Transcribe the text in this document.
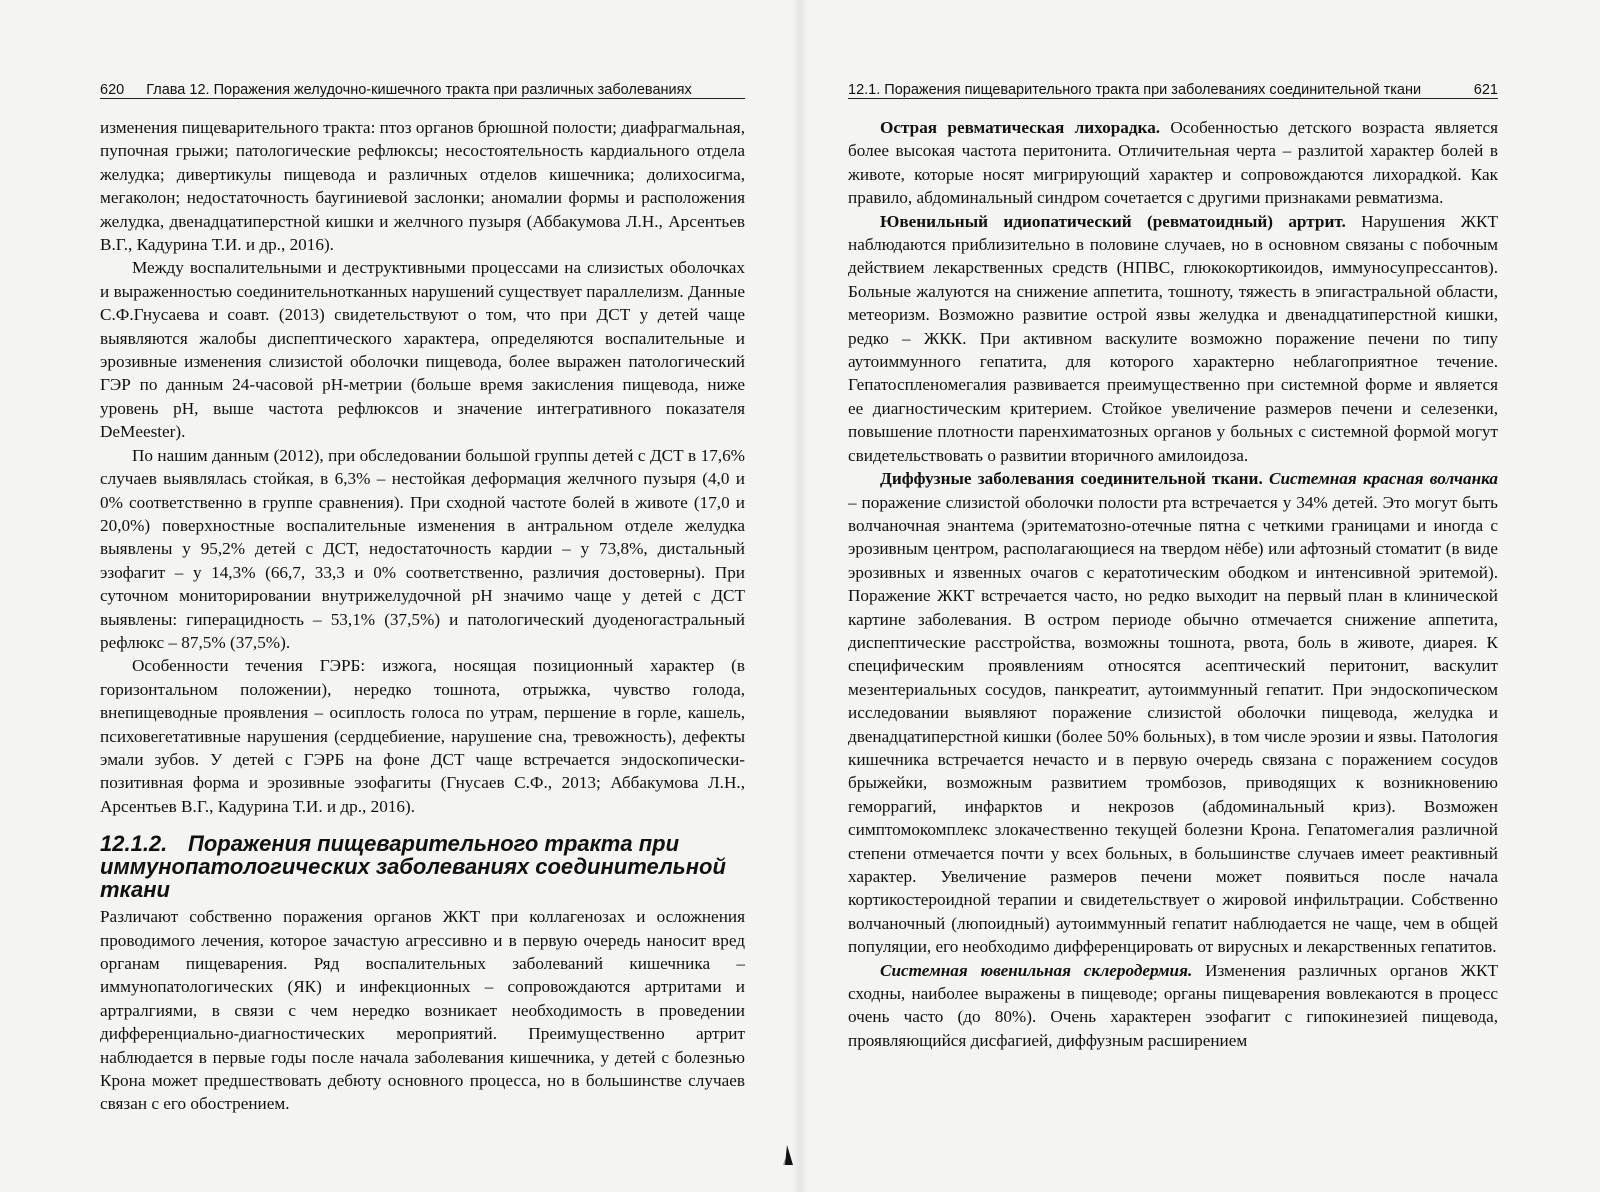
620 Глава 12. Поражения желудочно-кишечного тракта при различных заболеваниях

изменения пищеварительного тракта: птоз органов брюшной полости; диафрагмальная, пупочная грыжи; патологические рефлюксы; несостоятельность кардиального отдела желудка; дивертикулы пищевода и различных отделов кишечника; долихосигма, мегаколон; недостаточность баугиниевой заслонки; аномалии формы и расположения желудка, двенадцатиперстной кишки и желчного пузыря (Аббакумова Л.Н., Арсентьев В.Г., Кадурина Т.И. и др., 2016).

Между воспалительными и деструктивными процессами на слизистых оболочках и выраженностью соединительнотканных нарушений существует параллелизм. Данные С.Ф.Гнусаева и соавт. (2013) свидетельствуют о том, что при ДСТ у детей чаще выявляются жалобы диспептического характера, определяются воспалительные и эрозивные изменения слизистой оболочки пищевода, более выражен патологический ГЭР по данным 24-часовой рН-метрии (больше время закисления пищевода, ниже уровень рН, выше частота рефлюксов и значение интегративного показателя DeMeester).

По нашим данным (2012), при обследовании большой группы детей с ДСТ в 17,6% случаев выявлялась стойкая, в 6,3% – нестойкая деформация желчного пузыря (4,0 и 0% соответственно в группе сравнения). При сходной частоте болей в животе (17,0 и 20,0%) поверхностные воспалительные изменения в антральном отделе желудка выявлены у 95,2% детей с ДСТ, недостаточность кардии – у 73,8%, дистальный эзофагит – у 14,3% (66,7, 33,3 и 0% соответственно, различия достоверны). При суточном мониторировании внутрижелудочной рН значимо чаще у детей с ДСТ выявлены: гиперацидность – 53,1% (37,5%) и патологический дуоденогастральный рефлюкс – 87,5% (37,5%).

Особенности течения ГЭРБ: изжога, носящая позиционный характер (в горизонтальном положении), нередко тошнота, отрыжка, чувство голода, внепищеводные проявления – осиплость голоса по утрам, першение в горле, кашель, психовегетативные нарушения (сердцебиение, нарушение сна, тревожность), дефекты эмали зубов. У детей с ГЭРБ на фоне ДСТ чаще встречается эндоскопически-позитивная форма и эрозивные эзофагиты (Гнусаев С.Ф., 2013; Аббакумова Л.Н., Арсентьев В.Г., Кадурина Т.И. и др., 2016).

12.1.2. Поражения пищеварительного тракта при иммунопатологических заболеваниях соединительной ткани

Различают собственно поражения органов ЖКТ при коллагенозах и осложнения проводимого лечения, которое зачастую агрессивно и в первую очередь наносит вред органам пищеварения. Ряд воспалительных заболеваний кишечника – иммунопатологических (ЯК) и инфекционных – сопровождаются артритами и артралгиями, в связи с чем нередко возникает необходимость в проведении дифференциально-диагностических мероприятий. Преимущественно артрит наблюдается в первые годы после начала заболевания кишечника, у детей с болезнью Крона может предшествовать дебюту основного процесса, но в большинстве случаев связан с его обострением.

12.1. Поражения пищеварительного тракта при заболеваниях соединительной ткани	621

Острая ревматическая лихорадка. Особенностью детского возраста является более высокая частота перитонита. Отличительная черта – разлитой характер болей в животе, которые носят мигрирующий характер и сопровождаются лихорадкой. Как правило, абдоминальный синдром сочетается с другими признаками ревматизма.

Ювенильный идиопатический (ревматоидный) артрит. Нарушения ЖКТ наблюдаются приблизительно в половине случаев, но в основном связаны с побочным действием лекарственных средств (НПВС, глюкокортикоидов, иммуносупрессантов). Больные жалуются на снижение аппетита, тошноту, тяжесть в эпигастральной области, метеоризм. Возможно развитие острой язвы желудка и двенадцатиперстной кишки, редко – ЖКК. При активном васкулите возможно поражение печени по типу аутоиммунного гепатита, для которого характерно неблагоприятное течение. Гепатоспленомегалия развивается преимущественно при системной форме и является ее диагностическим критерием. Стойкое увеличение размеров печени и селезенки, повышение плотности паренхиматозных органов у больных с системной формой могут свидетельствовать о развитии вторичного амилоидоза.

Диффузные заболевания соединительной ткани. Системная красная волчанка – поражение слизистой оболочки полости рта встречается у 34% детей. Это могут быть волчаночная энантема (эритематозно-отечные пятна с четкими границами и иногда с эрозивным центром, располагающиеся на твердом нёбе) или афтозный стоматит (в виде эрозивных и язвенных очагов с кератотическим ободком и интенсивной эритемой). Поражение ЖКТ встречается часто, но редко выходит на первый план в клинической картине заболевания. В остром периоде обычно отмечается снижение аппетита, диспептические расстройства, возможны тошнота, рвота, боль в животе, диарея. К специфическим проявлениям относятся асептический перитонит, васкулит мезентериальных сосудов, панкреатит, аутоиммунный гепатит. При эндоскопическом исследовании выявляют поражение слизистой оболочки пищевода, желудка и двенадцатиперстной кишки (более 50% больных), в том числе эрозии и язвы. Патология кишечника встречается нечасто и в первую очередь связана с поражением сосудов брыжейки, возможным развитием тромбозов, приводящих к возникновению геморрагий, инфарктов и некрозов (абдоминальный криз). Возможен симптомокомплекс злокачественно текущей болезни Крона. Гепатомегалия различной степени отмечается почти у всех больных, в большинстве случаев имеет реактивный характер. Увеличение размеров печени может появиться после начала кортикостероидной терапии и свидетельствует о жировой инфильтрации. Собственно волчаночный (люпоидный) аутоиммунный гепатит наблюдается не чаще, чем в общей популяции, его необходимо дифференцировать от вирусных и лекарственных гепатитов.

Системная ювенильная склеродермия. Изменения различных органов ЖКТ сходны, наиболее выражены в пищеводе; органы пищеварения вовлекаются в процесс очень часто (до 80%). Очень характерен эзофагит с гипокинезией пищевода, проявляющийся дисфагией, диффузным расширением
